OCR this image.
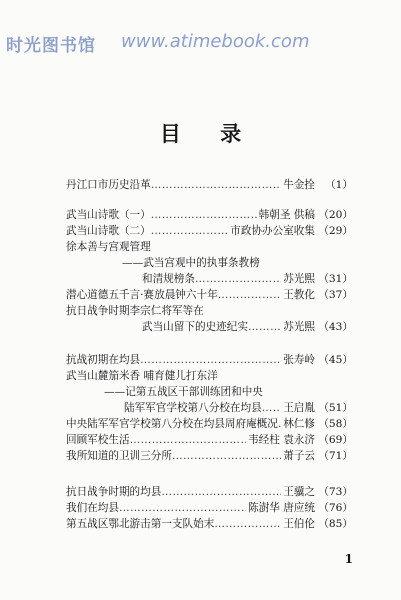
时光图书馆 www.atimebook.com
目 录
丹江口市历史沿革 …………………………………………………………………………………………………………	牛金拴 （1）
武当山诗歌（一） …………………………………………………………………………………………………………	韩朝圣 供稿 （20）
武当山诗歌（二） …………………………………………………………………………………………………………	市政协办公室收集 （29）
徐本善与宫观管理
——武当宫观中的执事条教榜
和清规榜条 …………………………………………………………………………………………………………	苏光熙 （31）
潜心道德五千言·赛放晨钟六十年 …………………………………………………………………………………………………………	王教化 （37）
抗日战争时期李宗仁将军等在
武当山留下的史迹纪实 …………………………………………………………………………………………………………	苏光熙 （43）
抗战初期在均县 …………………………………………………………………………………………………………	张寿岭 （45）
武当山麓笳米香 哺育健儿打东洋
——记第五战区干部训练团和中央
陆军军官学校第八分校在均县 ………………………………………………………………………………………………………… 王启胤 （51）
中央陆军军官学校第八分校在均县周府庵概况 ………………………………………………………………………………………………………… 林仁修 （58）
回顾军校生活 …………………………………………………………………………………………………………	韦经柱 袁永济 （69）
我所知道的卫训三分所 …………………………………………………………………………………………………………	萧子云 （71）
抗日战争时期的均县 …………………………………………………………………………………………………………	王骥之 （73）
我们在均县 …………………………………………………………………………………………………………	陈澍华 唐应统 （76）
第五战区鄂北游击第一支队始末 …………………………………………………………………………………………………………	王伯伦 （85）
1
